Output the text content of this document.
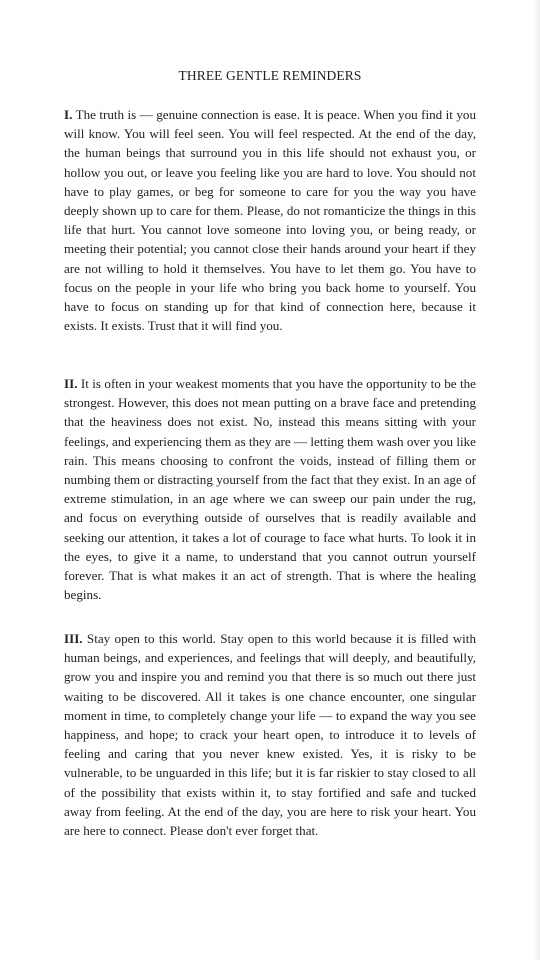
THREE GENTLE REMINDERS

I. The truth is — genuine connection is ease. It is peace. When you find it you will know. You will feel seen. You will feel respected. At the end of the day, the human beings that surround you in this life should not exhaust you, or hollow you out, or leave you feeling like you are hard to love. You should not have to play games, or beg for someone to care for you the way you have deeply shown up to care for them. Please, do not romanticize the things in this life that hurt. You cannot love someone into loving you, or being ready, or meeting their potential; you cannot close their hands around your heart if they are not willing to hold it themselves. You have to let them go. You have to focus on the people in your life who bring you back home to yourself. You have to focus on standing up for that kind of connection here, because it exists. It exists. Trust that it will find you.

II. It is often in your weakest moments that you have the opportunity to be the strongest. However, this does not mean putting on a brave face and pretending that the heaviness does not exist. No, instead this means sitting with your feelings, and experiencing them as they are — letting them wash over you like rain. This means choosing to confront the voids, instead of filling them or numbing them or distracting yourself from the fact that they exist. In an age of extreme stimulation, in an age where we can sweep our pain under the rug, and focus on everything outside of ourselves that is readily available and seeking our attention, it takes a lot of courage to face what hurts. To look it in the eyes, to give it a name, to understand that you cannot outrun yourself forever. That is what makes it an act of strength. That is where the healing begins.

III. Stay open to this world. Stay open to this world because it is filled with human beings, and experiences, and feelings that will deeply, and beautifully, grow you and inspire you and remind you that there is so much out there just waiting to be discovered. All it takes is one chance encounter, one singular moment in time, to completely change your life — to expand the way you see happiness, and hope; to crack your heart open, to introduce it to levels of feeling and caring that you never knew existed. Yes, it is risky to be vulnerable, to be unguarded in this life; but it is far riskier to stay closed to all of the possibility that exists within it, to stay fortified and safe and tucked away from feeling. At the end of the day, you are here to risk your heart. You are here to connect. Please don't ever forget that.
